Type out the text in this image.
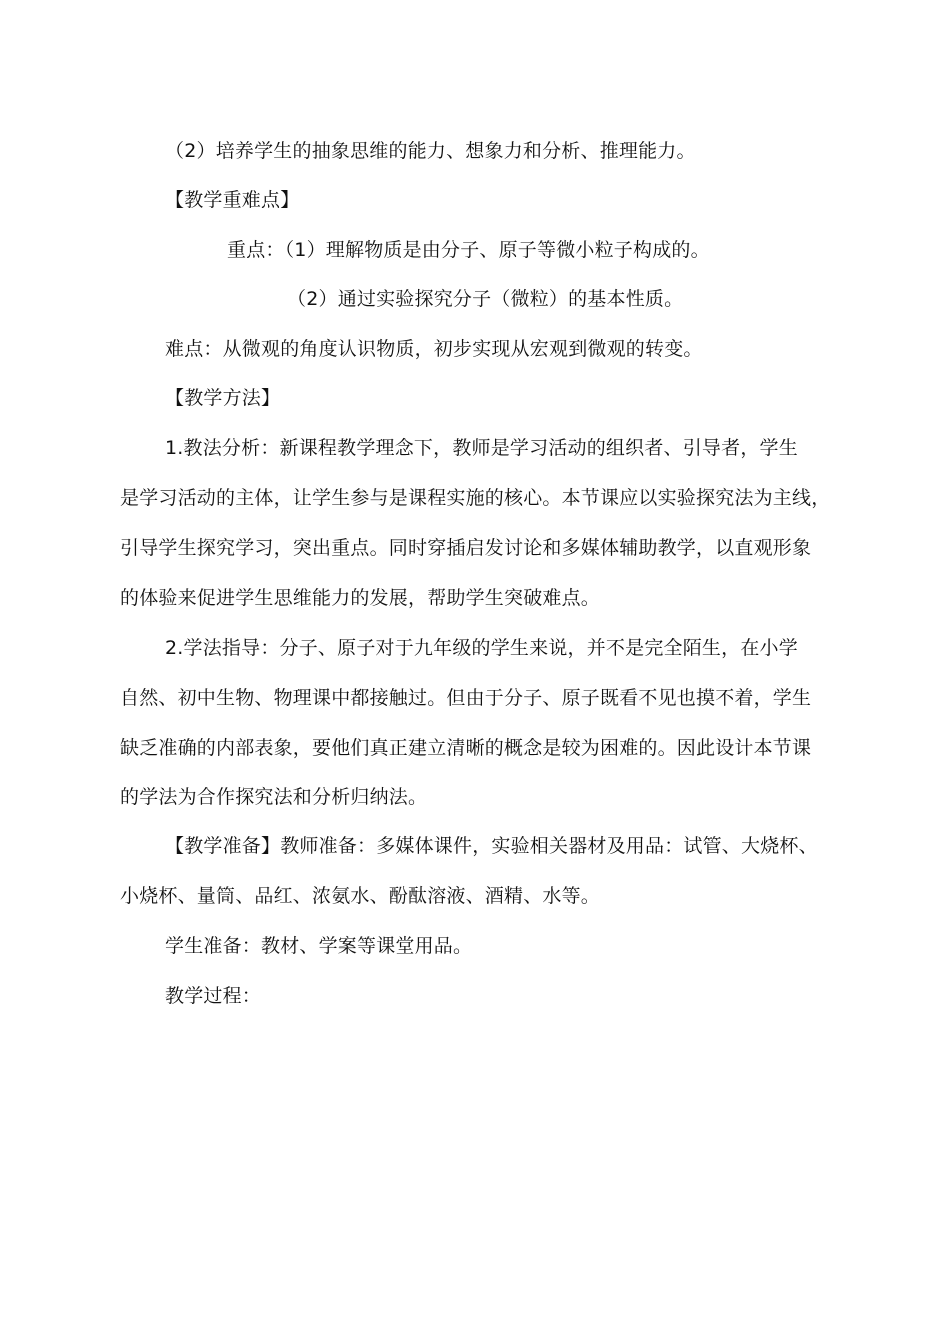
（2）培养学生的抽象思维的能力、想象力和分析、推理能力。
【教学重难点】
重点：（1）理解物质是由分子、原子等微小粒子构成的。
（2）通过实验探究分子（微粒）的基本性质。
难点：从微观的角度认识物质，初步实现从宏观到微观的转变。
【教学方法】
1.教法分析：新课程教学理念下，教师是学习活动的组织者、引导者，学生
是学习活动的主体，让学生参与是课程实施的核心。本节课应以实验探究法为主线，
引导学生探究学习，突出重点。同时穿插启发讨论和多媒体辅助教学，以直观形象
的体验来促进学生思维能力的发展，帮助学生突破难点。
2.学法指导：分子、原子对于九年级的学生来说，并不是完全陌生，在小学
自然、初中生物、物理课中都接触过。但由于分子、原子既看不见也摸不着，学生
缺乏准确的内部表象，要他们真正建立清晰的概念是较为困难的。因此设计本节课
的学法为合作探究法和分析归纳法。
【教学准备】教师准备：多媒体课件，实验相关器材及用品：试管、大烧杯、
小烧杯、量筒、品红、浓氨水、酚酞溶液、酒精、水等。
学生准备：教材、学案等课堂用品。
教学过程：
